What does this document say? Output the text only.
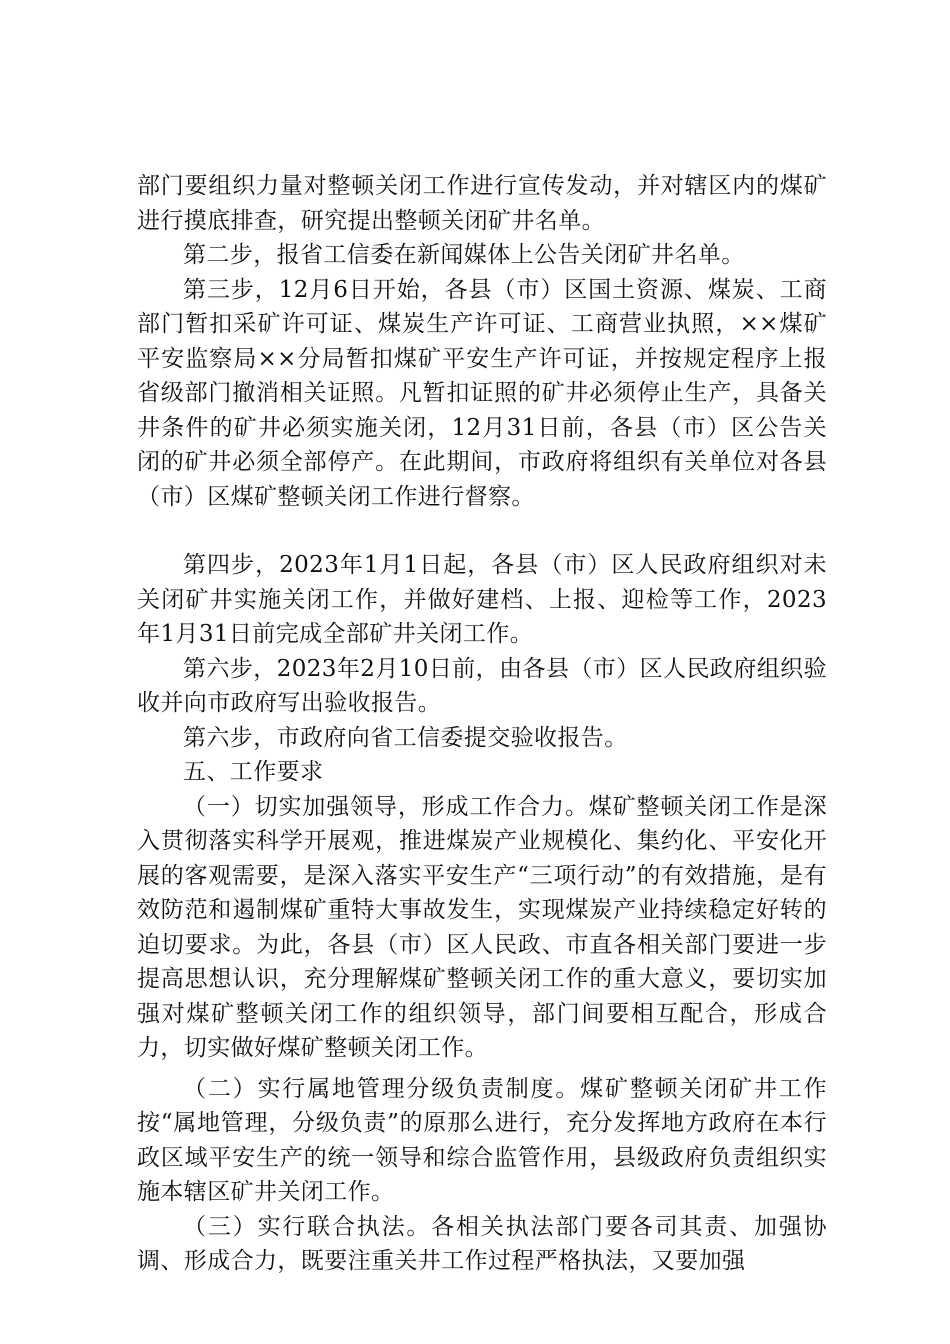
部门要组织力量对整顿关闭工作进行宣传发动，并对辖区内的煤矿进行摸底排查，研究提出整顿关闭矿井名单。

第二步，报省工信委在新闻媒体上公告关闭矿井名单。

第三步，12月6日开始，各县（市）区国土资源、煤炭、工商部门暂扣采矿许可证、煤炭生产许可证、工商营业执照，××煤矿平安监察局××分局暂扣煤矿平安生产许可证，并按规定程序上报省级部门撤消相关证照。凡暂扣证照的矿井必须停止生产，具备关井条件的矿井必须实施关闭，12月31日前，各县（市）区公告关闭的矿井必须全部停产。在此期间，市政府将组织有关单位对各县（市）区煤矿整顿关闭工作进行督察。

第四步，2023年1月1日起，各县（市）区人民政府组织对未关闭矿井实施关闭工作，并做好建档、上报、迎检等工作，2023年1月31日前完成全部矿井关闭工作。

第六步，2023年2月10日前，由各县（市）区人民政府组织验收并向市政府写出验收报告。

第六步，市政府向省工信委提交验收报告。

五、工作要求

（一）切实加强领导，形成工作合力。煤矿整顿关闭工作是深入贯彻落实科学开展观，推进煤炭产业规模化、集约化、平安化开展的客观需要，是深入落实平安生产“三项行动”的有效措施，是有效防范和遏制煤矿重特大事故发生，实现煤炭产业持续稳定好转的迫切要求。为此，各县（市）区人民政、市直各相关部门要进一步提高思想认识，充分理解煤矿整顿关闭工作的重大意义，要切实加强对煤矿整顿关闭工作的组织领导，部门间要相互配合，形成合力，切实做好煤矿整顿关闭工作。

（二）实行属地管理分级负责制度。煤矿整顿关闭矿井工作按“属地管理，分级负责”的原那么进行，充分发挥地方政府在本行政区域平安生产的统一领导和综合监管作用，县级政府负责组织实施本辖区矿井关闭工作。

（三）实行联合执法。各相关执法部门要各司其责、加强协调、形成合力，既要注重关井工作过程严格执法，又要加强
